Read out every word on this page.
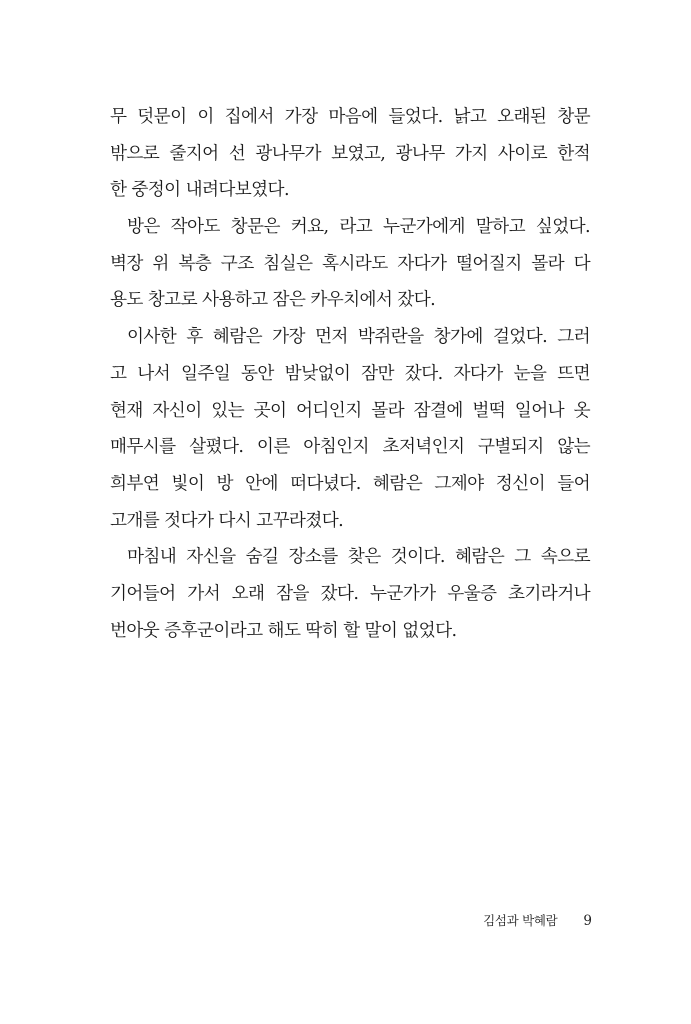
무 덧문이 이 집에서 가장 마음에 들었다. 낡고 오래된 창문
밖으로 줄지어 선 광나무가 보였고, 광나무 가지 사이로 한적
한 중정이 내려다보였다.
방은 작아도 창문은 커요, 라고 누군가에게 말하고 싶었다.
벽장 위 복층 구조 침실은 혹시라도 자다가 떨어질지 몰라 다
용도 창고로 사용하고 잠은 카우치에서 잤다.
이사한 후 혜람은 가장 먼저 박쥐란을 창가에 걸었다. 그러
고 나서 일주일 동안 밤낮없이 잠만 잤다. 자다가 눈을 뜨면
현재 자신이 있는 곳이 어디인지 몰라 잠결에 벌떡 일어나 옷
매무시를 살폈다. 이른 아침인지 초저녁인지 구별되지 않는
희부연 빛이 방 안에 떠다녔다. 혜람은 그제야 정신이 들어
고개를 젓다가 다시 고꾸라졌다.
마침내 자신을 숨길 장소를 찾은 것이다. 혜람은 그 속으로
기어들어 가서 오래 잠을 잤다. 누군가가 우울증 초기라거나
번아웃 증후군이라고 해도 딱히 할 말이 없었다.
김섬과 박혜람 9
